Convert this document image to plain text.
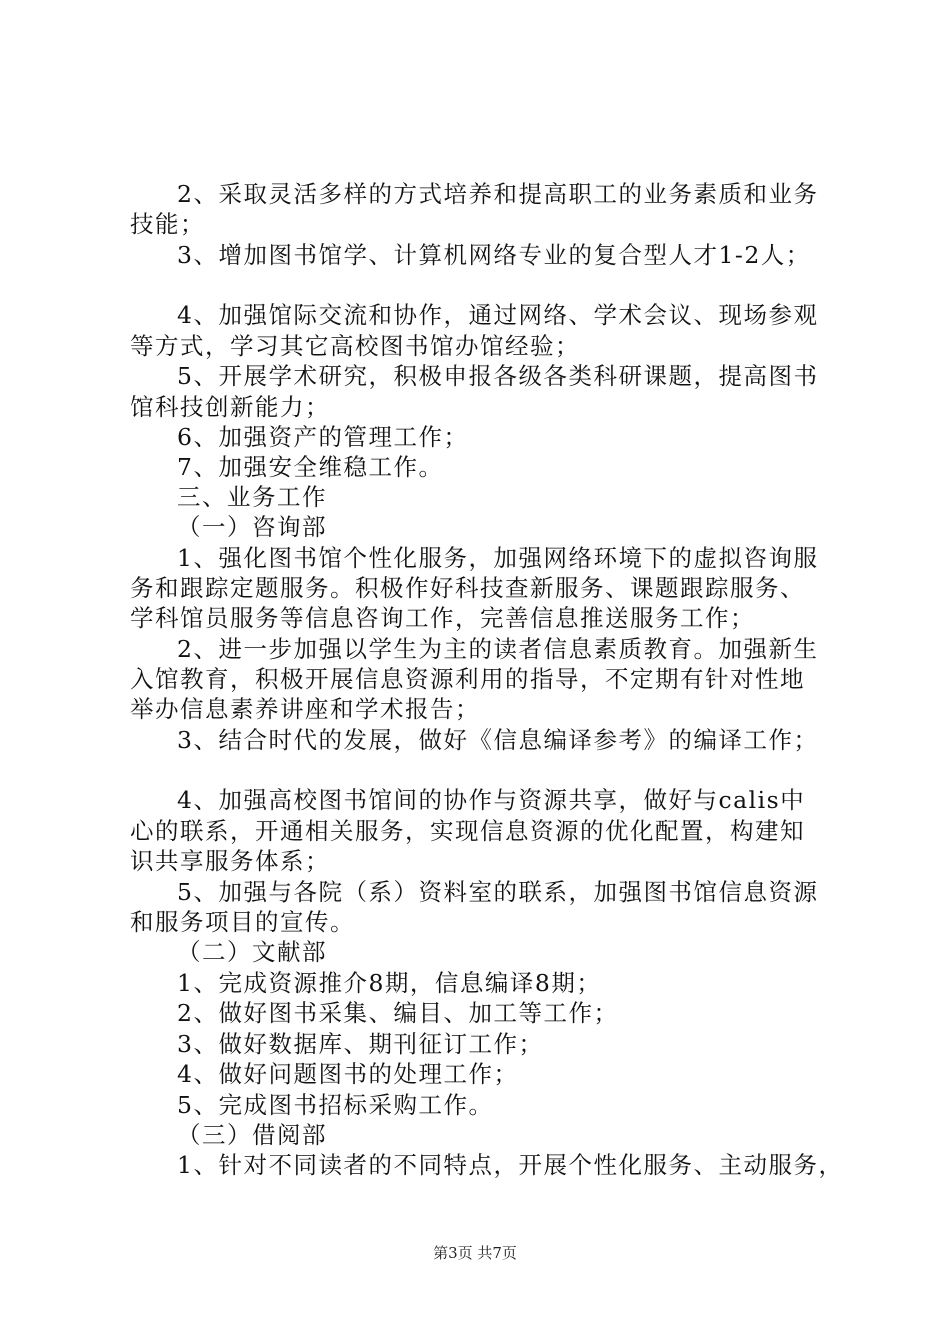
2、采取灵活多样的方式培养和提高职工的业务素质和业务
技能；
3、增加图书馆学、计算机网络专业的复合型人才1-2人；
4、加强馆际交流和协作，通过网络、学术会议、现场参观
等方式，学习其它高校图书馆办馆经验；
5、开展学术研究，积极申报各级各类科研课题，提高图书
馆科技创新能力；
6、加强资产的管理工作；
7、加强安全维稳工作。
三、业务工作
（一）咨询部
1、强化图书馆个性化服务，加强网络环境下的虚拟咨询服
务和跟踪定题服务。积极作好科技查新服务、课题跟踪服务、
学科馆员服务等信息咨询工作，完善信息推送服务工作；
2、进一步加强以学生为主的读者信息素质教育。加强新生
入馆教育，积极开展信息资源利用的指导，不定期有针对性地
举办信息素养讲座和学术报告；
3、结合时代的发展，做好《信息编译参考》的编译工作；
4、加强高校图书馆间的协作与资源共享，做好与calis中
心的联系，开通相关服务，实现信息资源的优化配置，构建知
识共享服务体系；
5、加强与各院（系）资料室的联系，加强图书馆信息资源
和服务项目的宣传。
（二）文献部
1、完成资源推介8期，信息编译8期；
2、做好图书采集、编目、加工等工作；
3、做好数据库、期刊征订工作；
4、做好问题图书的处理工作；
5、完成图书招标采购工作。
（三）借阅部
1、针对不同读者的不同特点，开展个性化服务、主动服务，
第3页 共7页
